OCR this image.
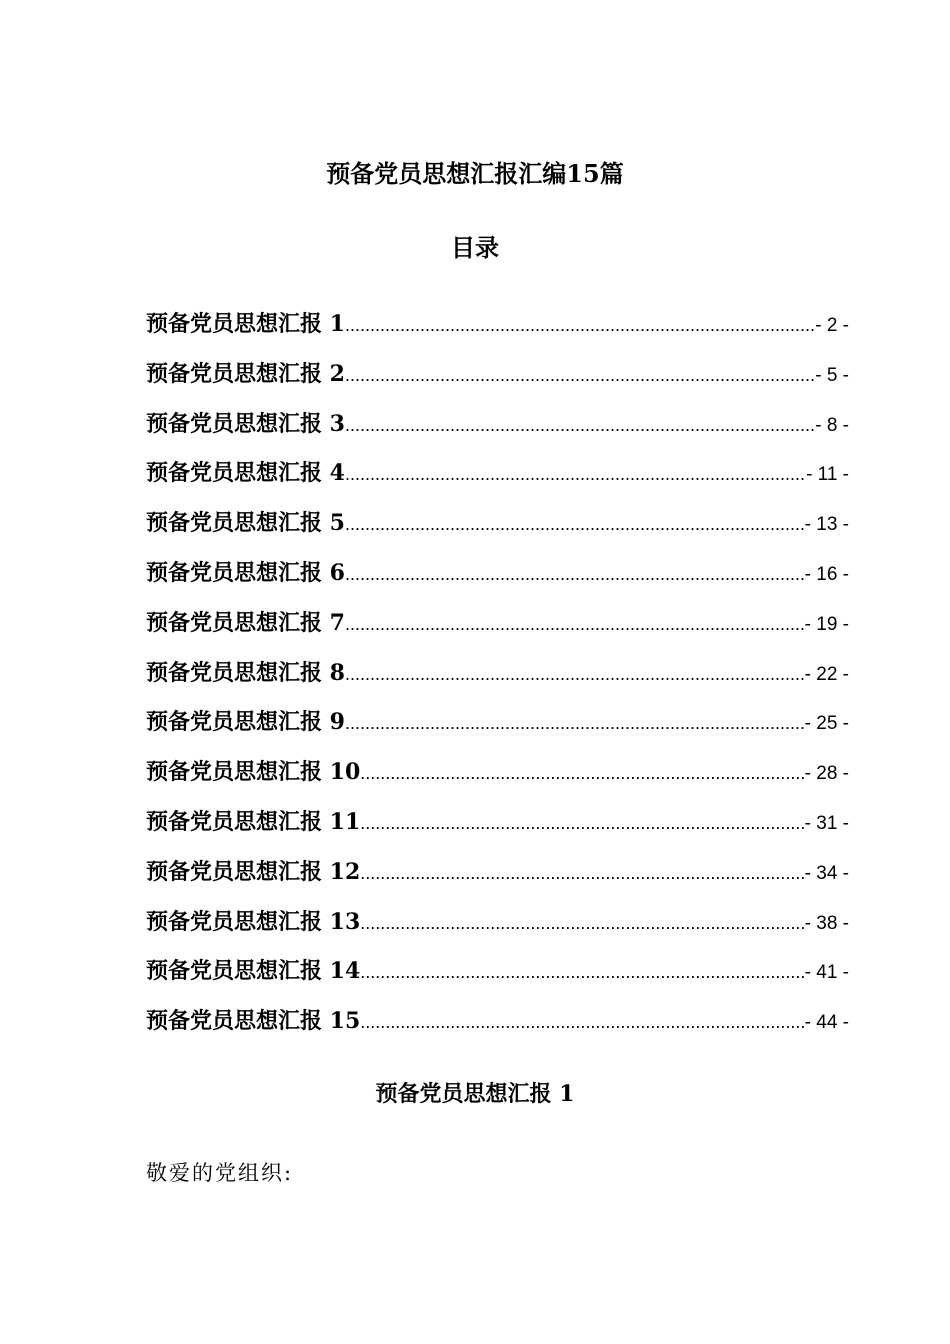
预备党员思想汇报汇编15篇
目录
预备党员思想汇报 1 .....	- 2 -
预备党员思想汇报 2 .....	- 5 -
预备党员思想汇报 3 .....	- 8 -
预备党员思想汇报 4 .....	- 11 -
预备党员思想汇报 5 .....	- 13 -
预备党员思想汇报 6 .....	- 16 -
预备党员思想汇报 7 .....	- 19 -
预备党员思想汇报 8 .....	- 22 -
预备党员思想汇报 9 .....	- 25 -
预备党员思想汇报 10 .....	- 28 -
预备党员思想汇报 11 .....	- 31 -
预备党员思想汇报 12 .....	- 34 -
预备党员思想汇报 13 .....	- 38 -
预备党员思想汇报 14 .....	- 41 -
预备党员思想汇报 15 .....	- 44 -
预备党员思想汇报 1
敬爱的党组织:
